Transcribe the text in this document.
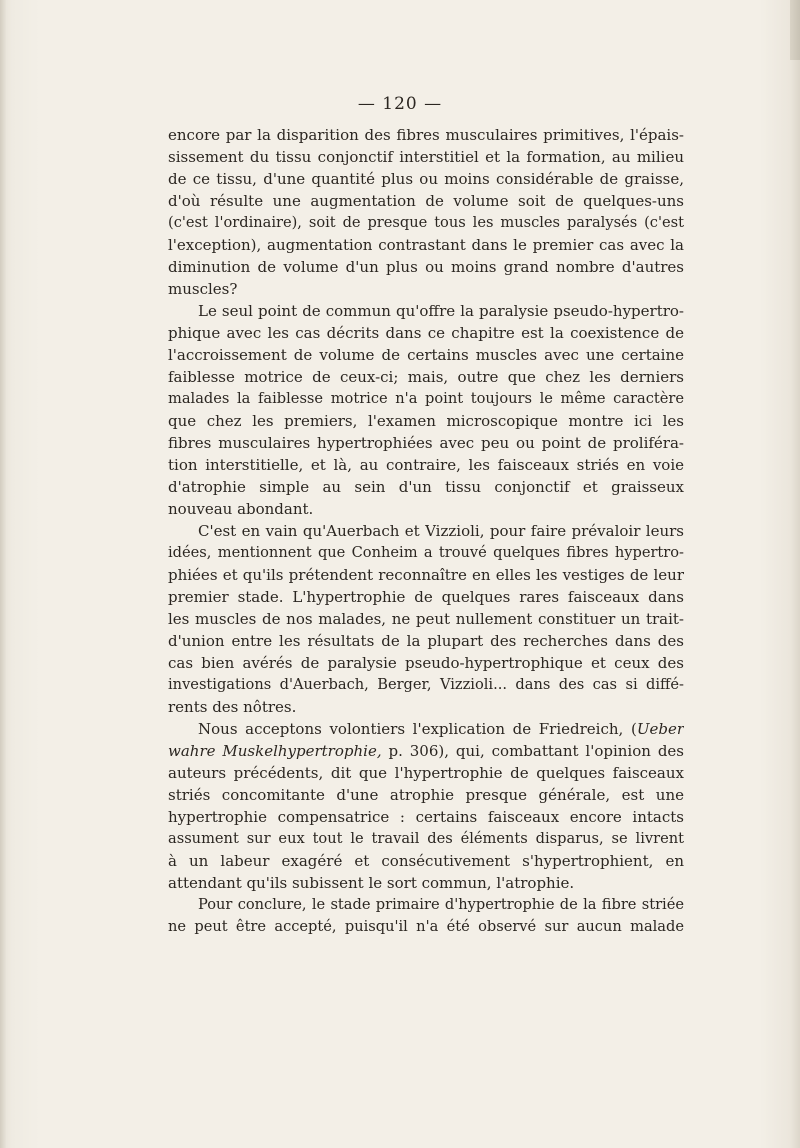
— 120 —
encore par la disparition des fibres musculaires primitives, l'épais-
sissement du tissu conjonctif interstitiel et la formation, au milieu
de ce tissu, d'une quantité plus ou moins considérable de graisse,
d'où résulte une augmentation de volume soit de quelques-uns
(c'est l'ordinaire), soit de presque tous les muscles paralysés (c'est
l'exception), augmentation contrastant dans le premier cas avec la
diminution de volume d'un plus ou moins grand nombre d'autres
muscles?
Le seul point de commun qu'offre la paralysie pseudo-hypertro-
phique avec les cas décrits dans ce chapitre est la coexistence de
l'accroissement de volume de certains muscles avec une certaine
faiblesse motrice de ceux-ci; mais, outre que chez les derniers
malades la faiblesse motrice n'a point toujours le même caractère
que chez les premiers, l'examen microscopique montre ici les
fibres musculaires hypertrophiées avec peu ou point de proliféra-
tion interstitielle, et là, au contraire, les faisceaux striés en voie
d'atrophie simple au sein d'un tissu conjonctif et graisseux
nouveau abondant.
C'est en vain qu'Auerbach et Vizzioli, pour faire prévaloir leurs
idées, mentionnent que Conheim a trouvé quelques fibres hypertro-
phiées et qu'ils prétendent reconnaître en elles les vestiges de leur
premier stade. L'hypertrophie de quelques rares faisceaux dans
les muscles de nos malades, ne peut nullement constituer un trait-
d'union entre les résultats de la plupart des recherches dans des
cas bien avérés de paralysie pseudo-hypertrophique et ceux des
investigations d'Auerbach, Berger, Vizzioli... dans des cas si diffé-
rents des nôtres.
Nous acceptons volontiers l'explication de Friedreich, (Ueber
wahre Muskelhypertrophie, p. 306), qui, combattant l'opinion des
auteurs précédents, dit que l'hypertrophie de quelques faisceaux
striés concomitante d'une atrophie presque générale, est une
hypertrophie compensatrice : certains faisceaux encore intacts
assument sur eux tout le travail des éléments disparus, se livrent
à un labeur exagéré et consécutivement s'hypertrophient, en
attendant qu'ils subissent le sort commun, l'atrophie.
Pour conclure, le stade primaire d'hypertrophie de la fibre striée
ne peut être accepté, puisqu'il n'a été observé sur aucun malade
